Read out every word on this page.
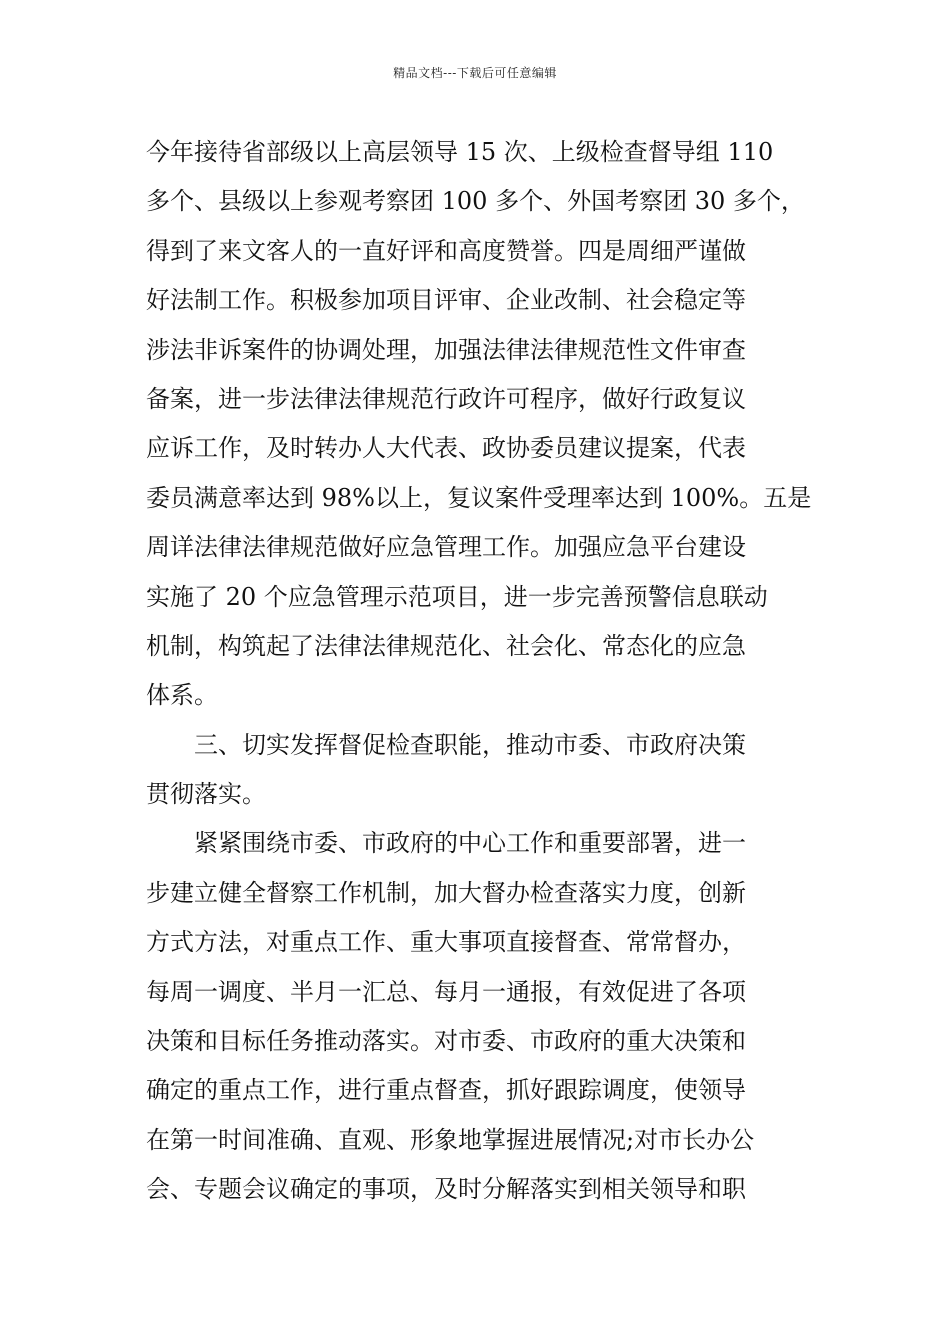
精品文档---下载后可任意编辑
今年接待省部级以上高层领导 15 次、上级检查督导组 110
多个、县级以上参观考察团 100 多个、外国考察团 30 多个，
得到了来文客人的一直好评和高度赞誉。四是周细严谨做
好法制工作。积极参加项目评审、企业改制、社会稳定等
涉法非诉案件的协调处理，加强法律法律规范性文件审查
备案，进一步法律法律规范行政许可程序，做好行政复议
应诉工作，及时转办人大代表、政协委员建议提案，代表
委员满意率达到 98%以上，复议案件受理率达到 100%。五是
周详法律法律规范做好应急管理工作。加强应急平台建设
实施了 20 个应急管理示范项目，进一步完善预警信息联动
机制，构筑起了法律法律规范化、社会化、常态化的应急
体系。
三、切实发挥督促检查职能，推动市委、市政府决策
贯彻落实。
紧紧围绕市委、市政府的中心工作和重要部署，进一
步建立健全督察工作机制，加大督办检查落实力度，创新
方式方法，对重点工作、重大事项直接督查、常常督办，
每周一调度、半月一汇总、每月一通报，有效促进了各项
决策和目标任务推动落实。对市委、市政府的重大决策和
确定的重点工作，进行重点督查，抓好跟踪调度，使领导
在第一时间准确、直观、形象地掌握进展情况;对市长办公
会、专题会议确定的事项，及时分解落实到相关领导和职
